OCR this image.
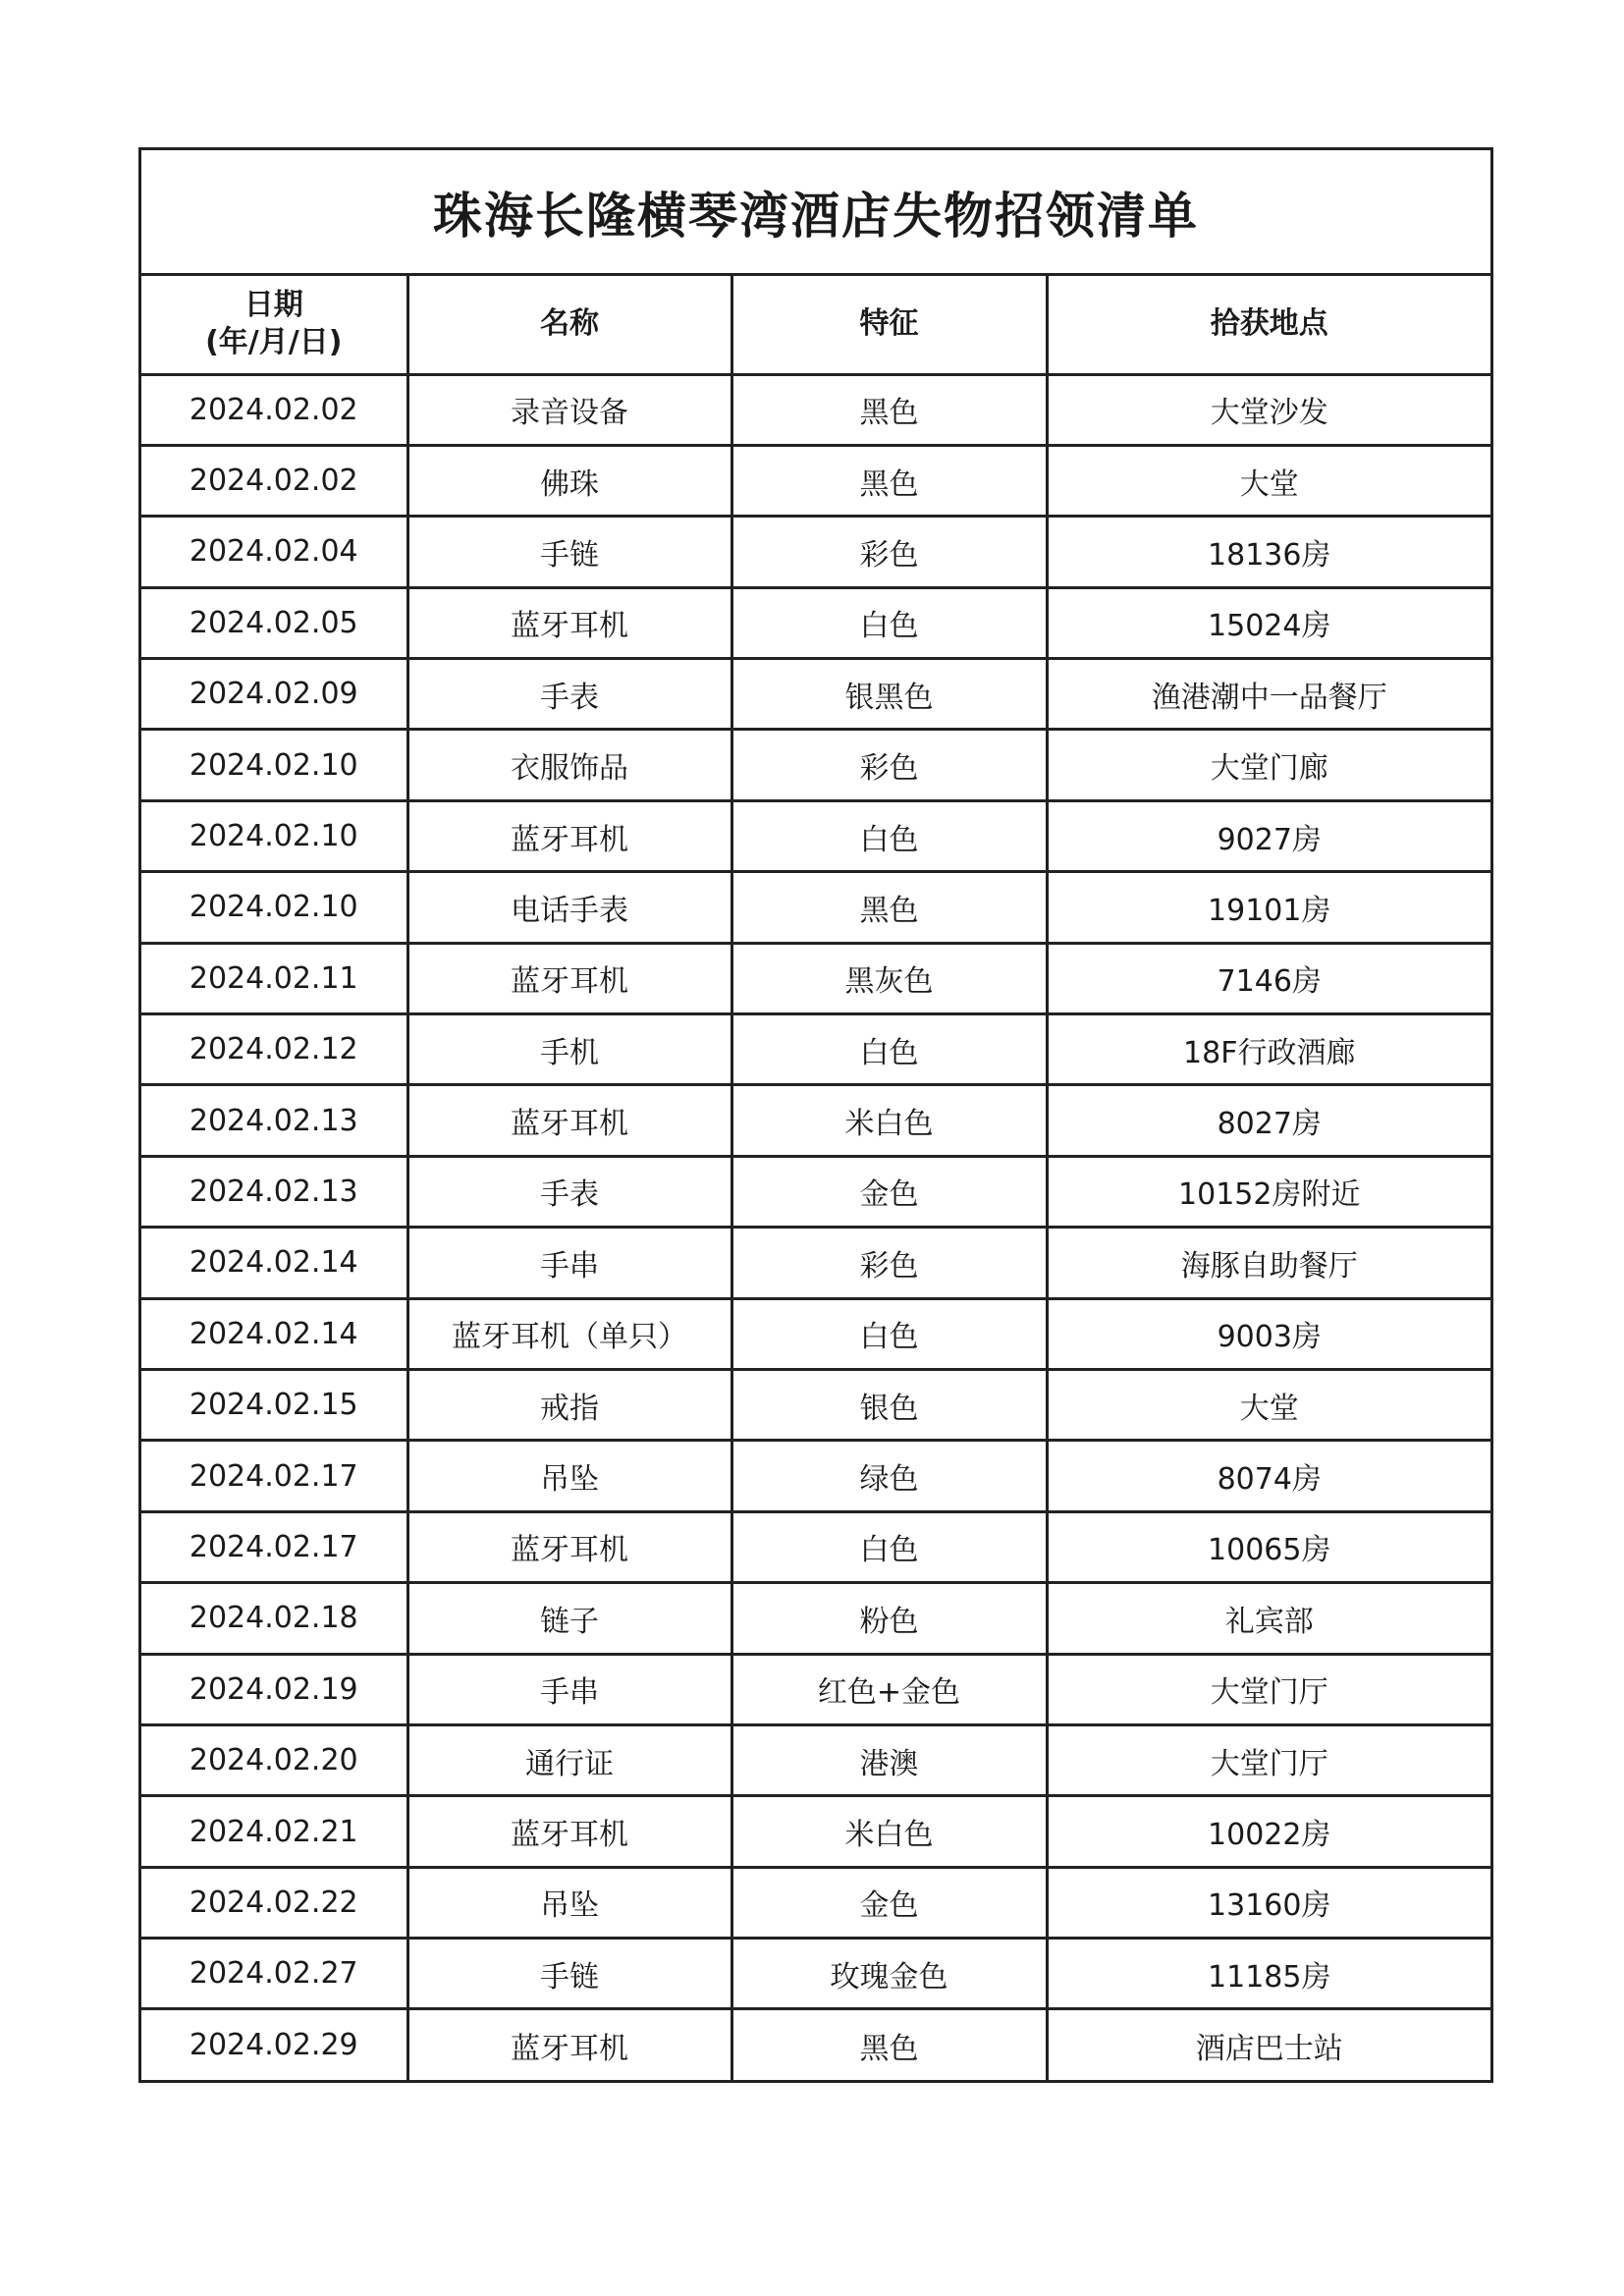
珠海长隆横琴湾酒店失物招领清单
日期
(年/月/日)	名称	特征	拾获地点
2024.02.02	录音设备	黑色	大堂沙发
2024.02.02	佛珠	黑色	大堂
2024.02.04	手链	彩色	18136房
2024.02.05	蓝牙耳机	白色	15024房
2024.02.09	手表	银黑色	渔港潮中一品餐厅
2024.02.10	衣服饰品	彩色	大堂门廊
2024.02.10	蓝牙耳机	白色	9027房
2024.02.10	电话手表	黑色	19101房
2024.02.11	蓝牙耳机	黑灰色	7146房
2024.02.12	手机	白色	18F行政酒廊
2024.02.13	蓝牙耳机	米白色	8027房
2024.02.13	手表	金色	10152房附近
2024.02.14	手串	彩色	海豚自助餐厅
2024.02.14	蓝牙耳机（单只）	白色	9003房
2024.02.15	戒指	银色	大堂
2024.02.17	吊坠	绿色	8074房
2024.02.17	蓝牙耳机	白色	10065房
2024.02.18	链子	粉色	礼宾部
2024.02.19	手串	红色+金色	大堂门厅
2024.02.20	通行证	港澳	大堂门厅
2024.02.21	蓝牙耳机	米白色	10022房
2024.02.22	吊坠	金色	13160房
2024.02.27	手链	玫瑰金色	11185房
2024.02.29	蓝牙耳机	黑色	酒店巴士站
